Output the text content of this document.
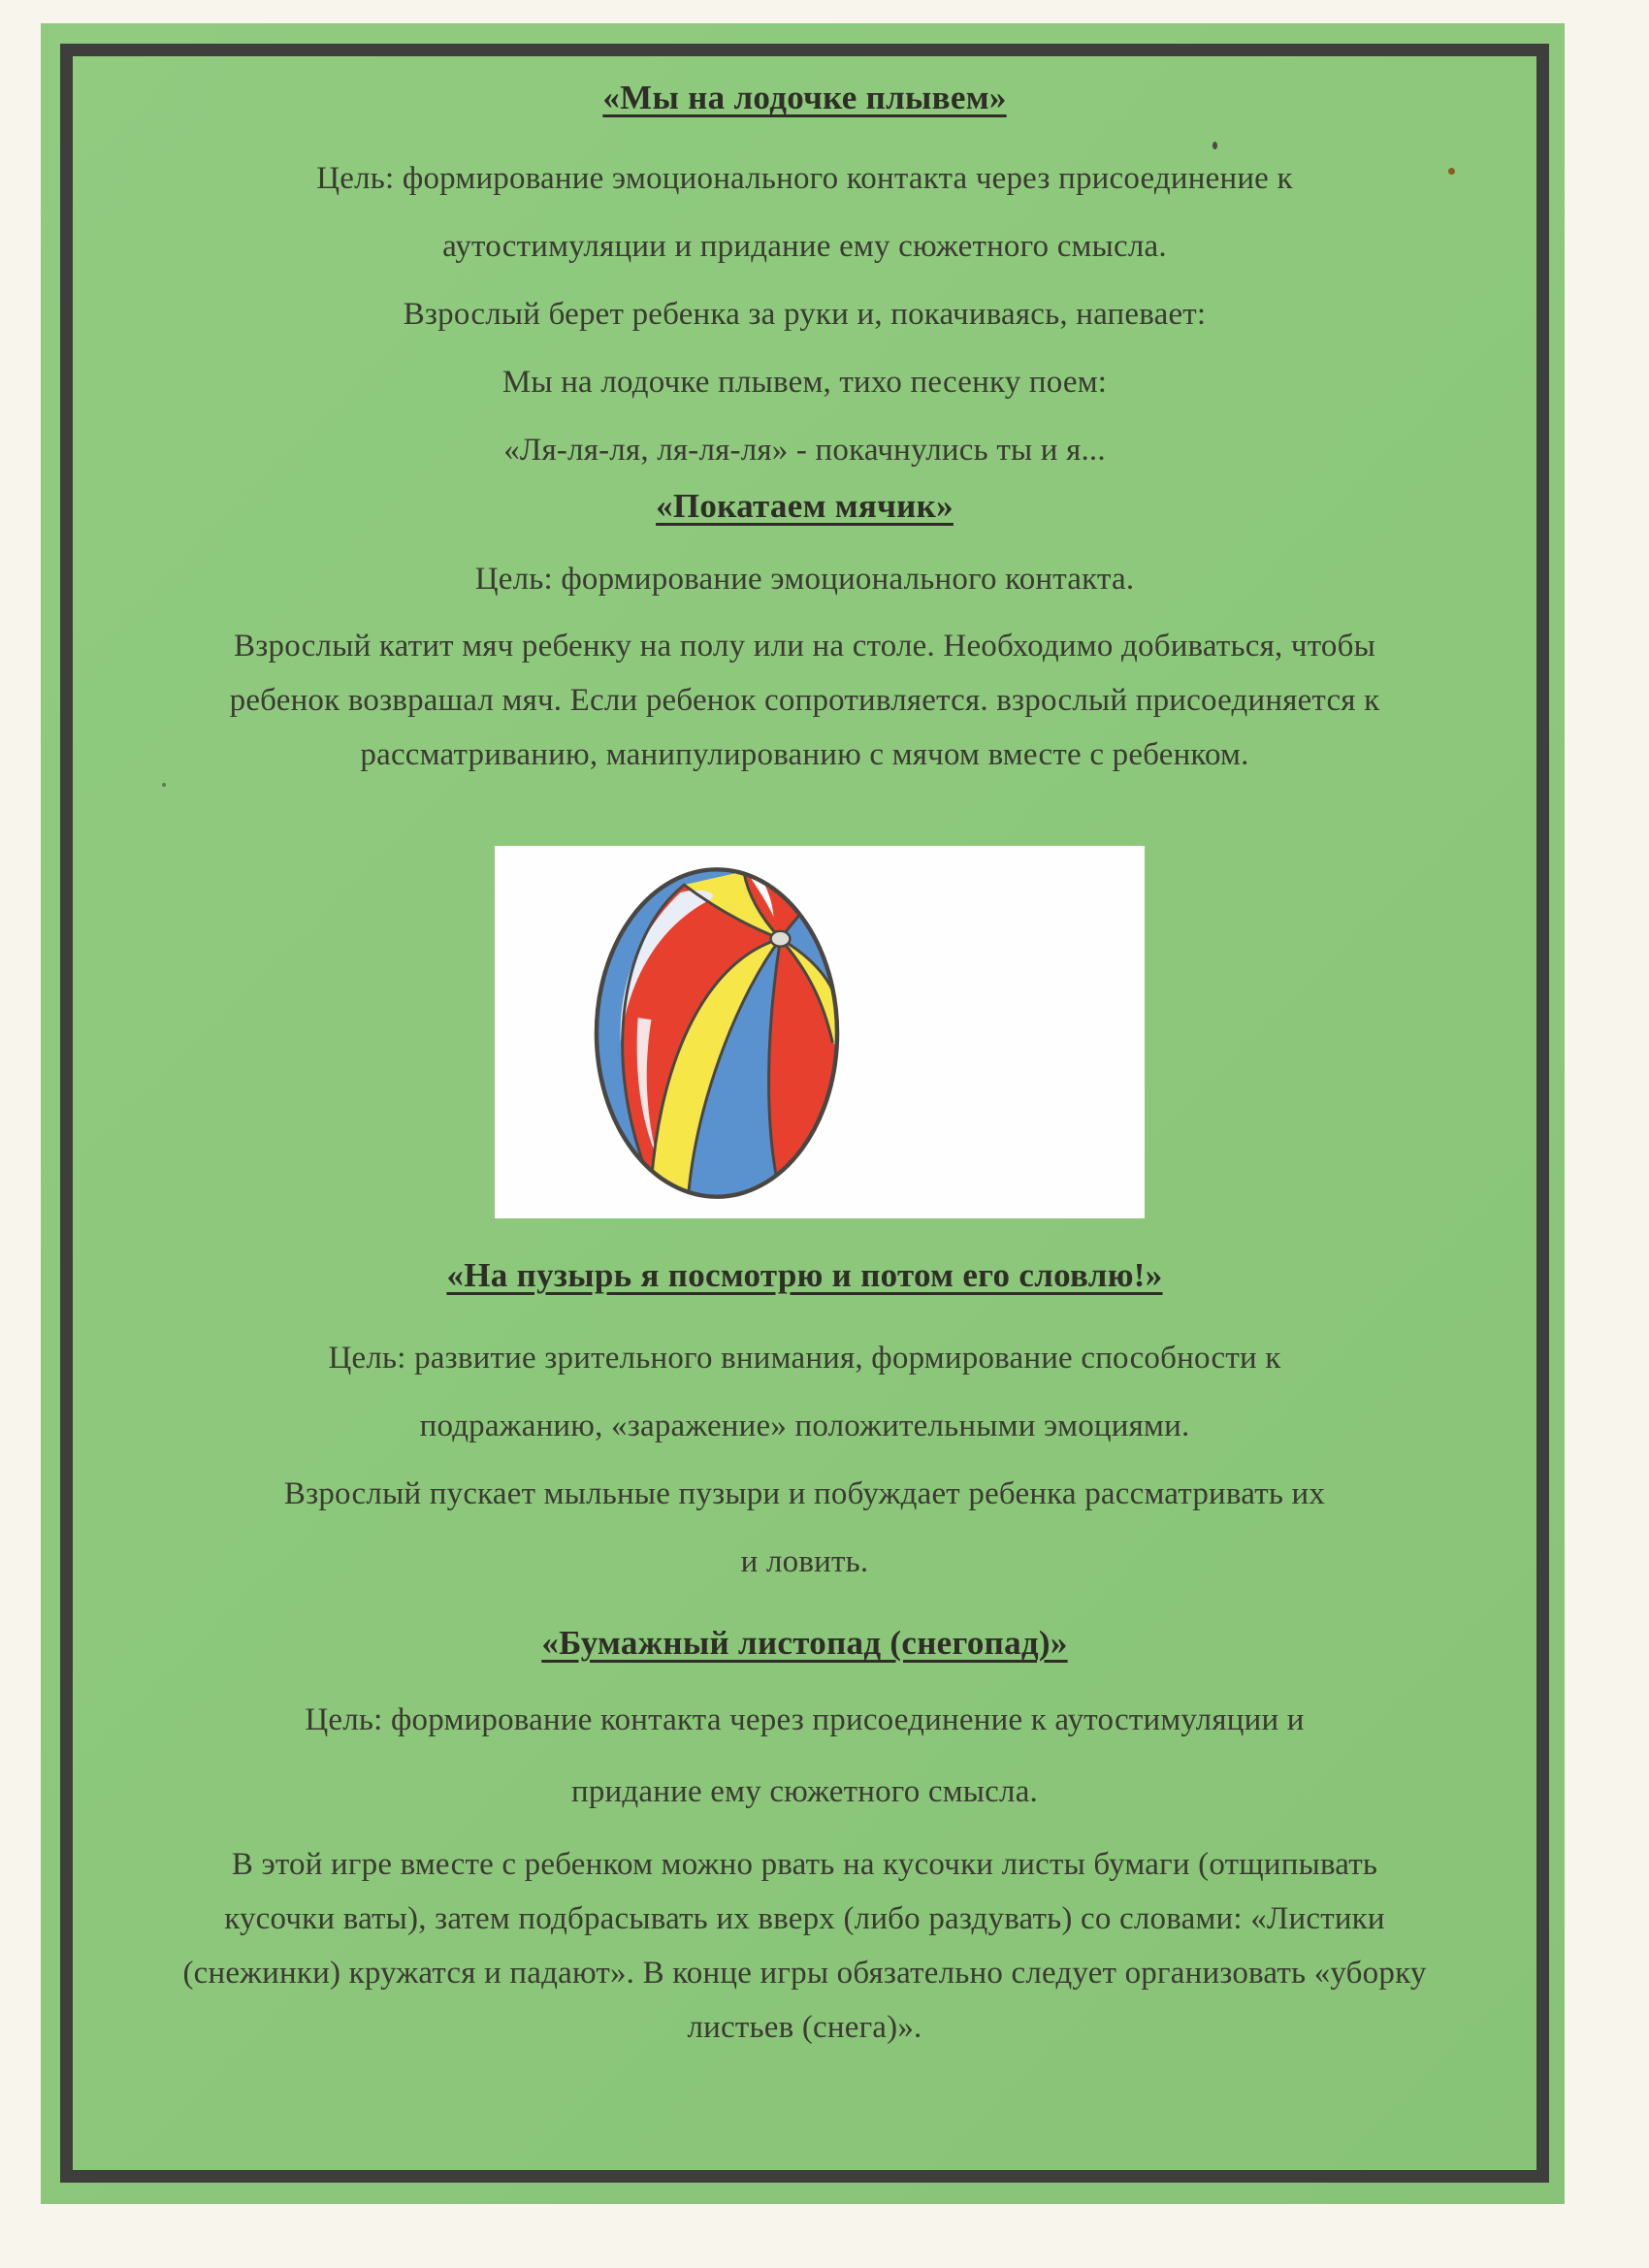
«Мы на лодочке плывем»
Цель: формирование эмоционального контакта через присоединение к
аутостимуляции и придание ему сюжетного смысла.
Взрослый берет ребенка за руки и, покачиваясь, напевает:
Мы на лодочке плывем, тихо песенку поем:
«Ля-ля-ля, ля-ля-ля» - покачнулись ты и я...
«Покатаем мячик»
Цель: формирование эмоционального контакта.
Взрослый катит мяч ребенку на полу или на столе. Необходимо добиваться, чтобы
ребенок возврашал мяч. Если ребенок сопротивляется. взрослый присоединяется к
рассматриванию, манипулированию с мячом вместе с ребенком.
«На пузырь я посмотрю и потом его словлю!»
Цель: развитие зрительного внимания, формирование способности к
подражанию, «заражение» положительными эмоциями.
Взрослый пускает мыльные пузыри и побуждает ребенка рассматривать их
и ловить.
«Бумажный листопад (снегопад)»
Цель: формирование контакта через присоединение к аутостимуляции и
придание ему сюжетного смысла.
В этой игре вместе с ребенком можно рвать на кусочки листы бумаги (отщипывать
кусочки ваты), затем подбрасывать их вверх (либо раздувать) со словами: «Листики
(снежинки) кружатся и падают». В конце игры обязательно следует организовать «уборку
листьев (снега)».
